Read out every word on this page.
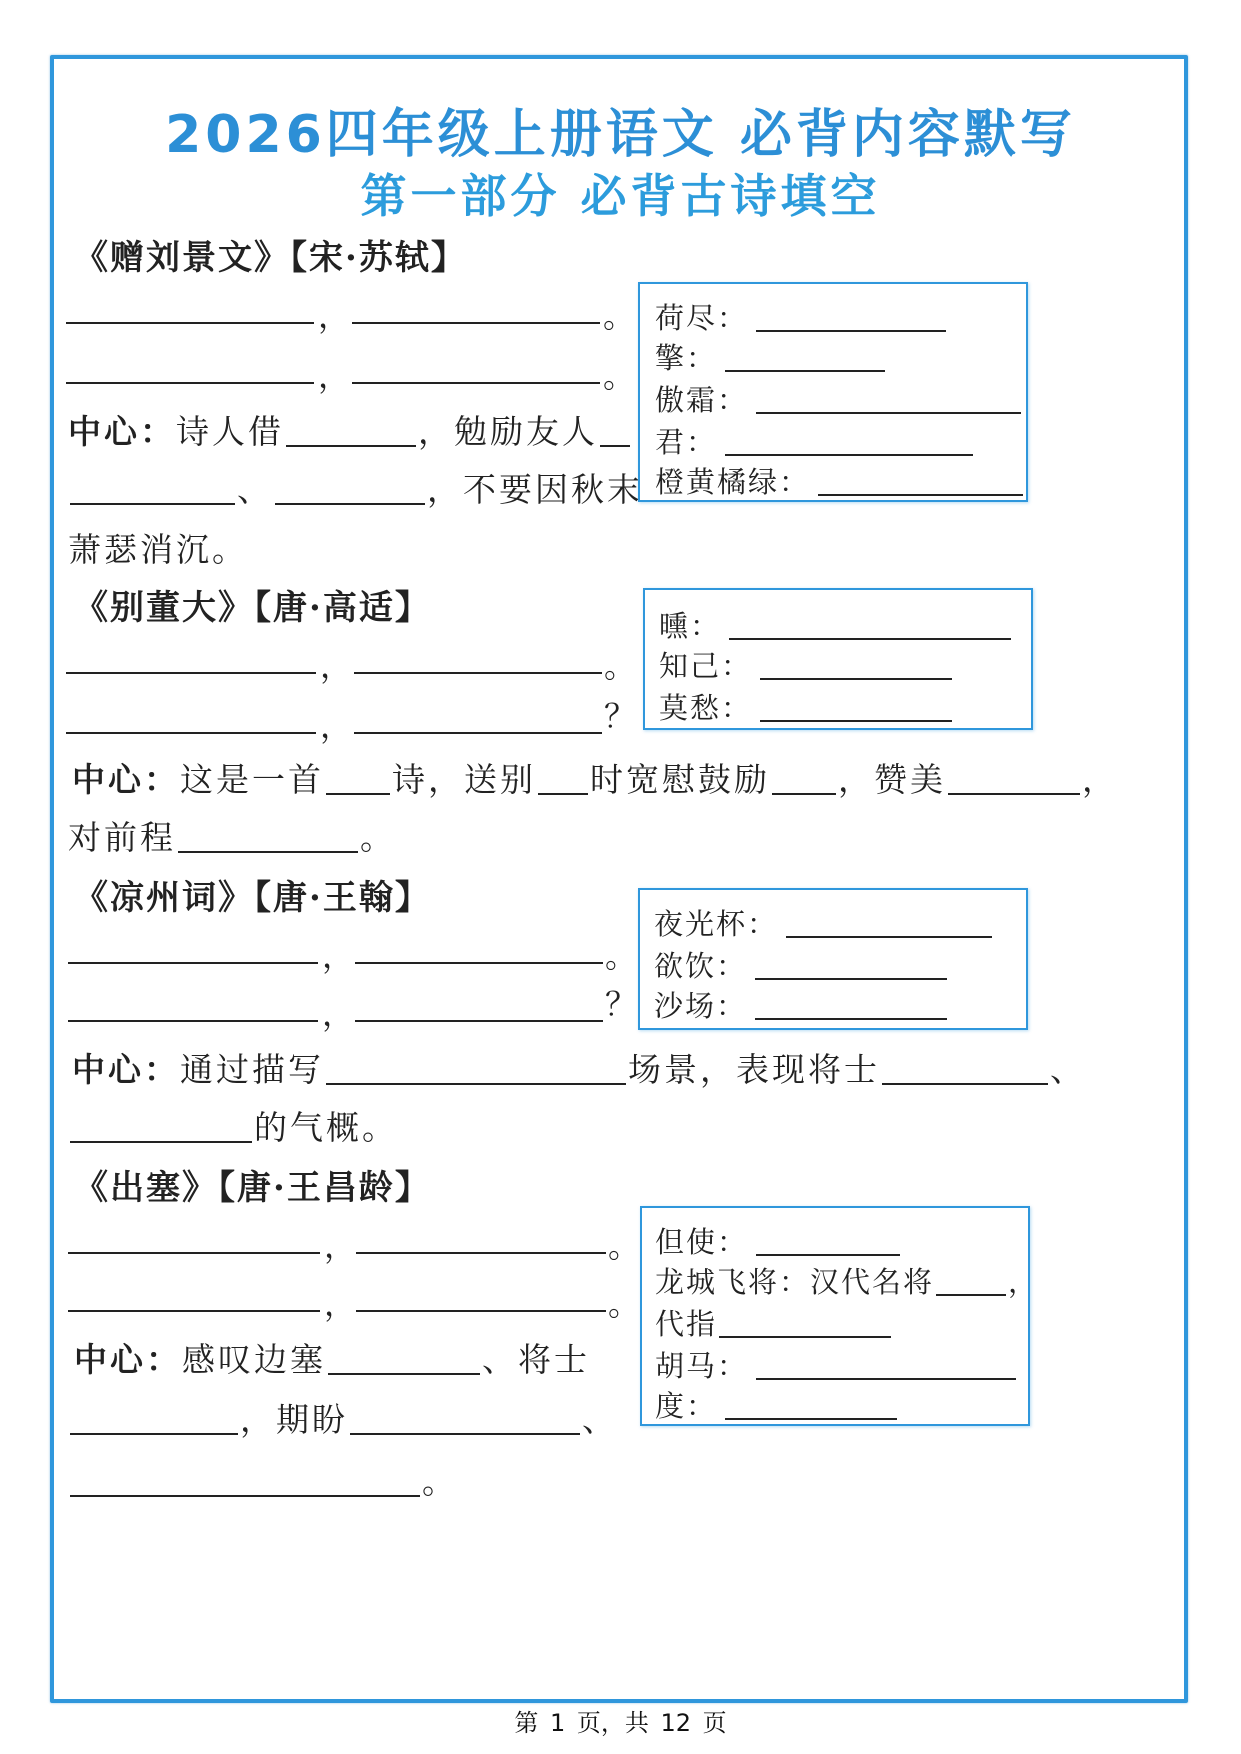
2026四年级上册语文 必背内容默写
第一部分 必背古诗填空
《赠刘景文》【宋·苏轼】
，	。
，	。
中心：诗人借	，勉励友人
、	，不要因秋末
萧瑟消沉。
荷尽：
擎：
傲霜：
君：
橙黄橘绿：
《别董大》【唐·高适】
，	。
，	？
曛：
知己：
莫愁：
中心：这是一首 诗，送别 时宽慰鼓励 ，赞美	，
对前程	。
《凉州词》【唐·王翰】
，	。
，	？
夜光杯：
欲饮：
沙场：
中心：通过描写	场景，表现将士	、
的气概。
《出塞》【唐·王昌龄】
，	。
，	。
中心：感叹边塞	、将士
，期盼	、
。
但使：
龙城飞将：汉代名将	，
代指
胡马：
度：
第 1 页，共 12 页
